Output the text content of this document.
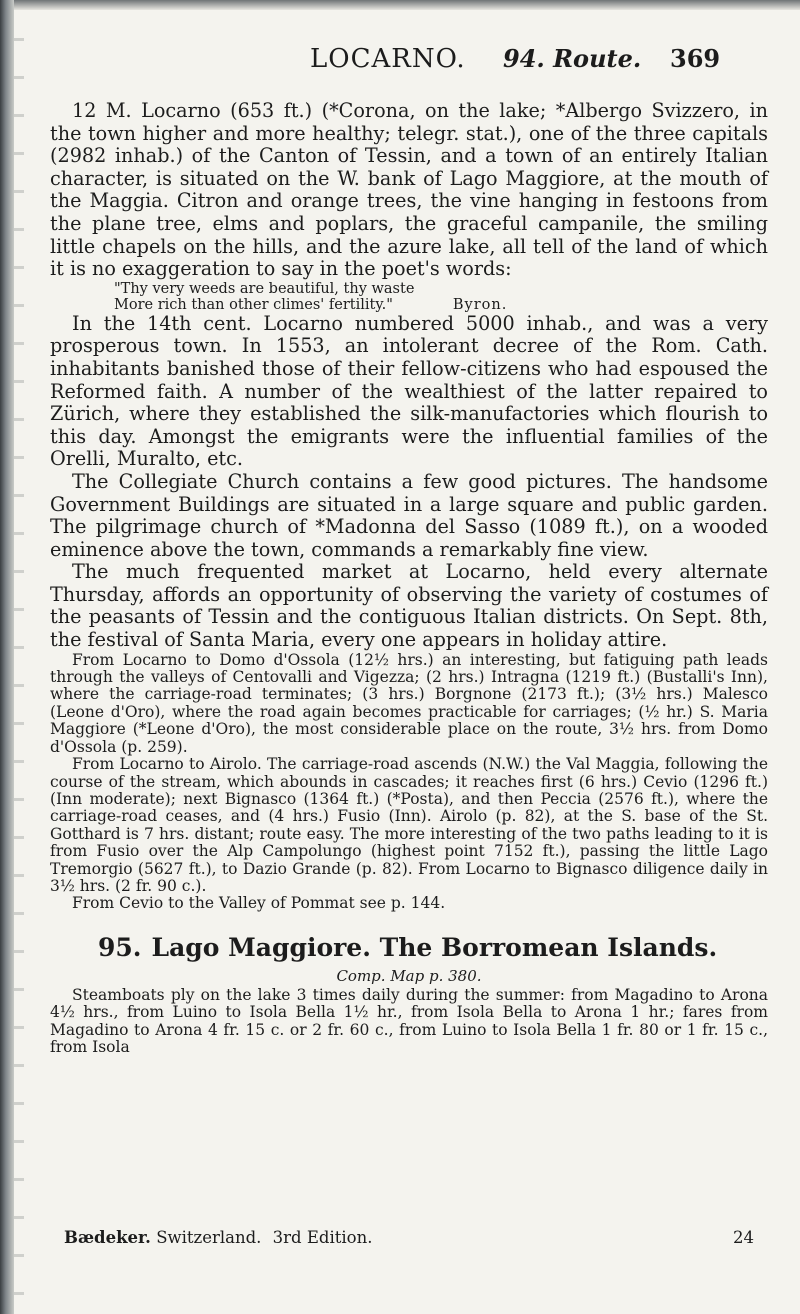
LOCARNO. 94. Route. 369

12 M. Locarno (653 ft.) (*Corona, on the lake; *Albergo Svizzero, in the town higher and more healthy; telegr. stat.), one of the three capitals (2982 inhab.) of the Canton of Tessin, and a town of an entirely Italian character, is situated on the W. bank of Lago Maggiore, at the mouth of the Maggia. Citron and orange trees, the vine hanging in festoons from the plane tree, elms and poplars, the graceful campanile, the smiling little chapels on the hills, and the azure lake, all tell of the land of which it is no exaggeration to say in the poet's words:

"Thy very weeds are beautiful, thy waste

More rich than other climes' fertility."	Byron.

In the 14th cent. Locarno numbered 5000 inhab., and was a very prosperous town. In 1553, an intolerant decree of the Rom. Cath. inhabitants banished those of their fellow-citizens who had espoused the Reformed faith. A number of the wealthiest of the latter repaired to Zürich, where they established the silk-manufactories which flourish to this day. Amongst the emigrants were the influential families of the Orelli, Muralto, etc.

The Collegiate Church contains a few good pictures. The handsome Government Buildings are situated in a large square and public garden. The pilgrimage church of *Madonna del Sasso (1089 ft.), on a wooded eminence above the town, commands a remarkably fine view.

The much frequented market at Locarno, held every alternate Thursday, affords an opportunity of observing the variety of costumes of the peasants of Tessin and the contiguous Italian districts. On Sept. 8th, the festival of Santa Maria, every one appears in holiday attire.

From Locarno to Domo d'Ossola (12½ hrs.) an interesting, but fatiguing path leads through the valleys of Centovalli and Vigezza; (2 hrs.) Intragna (1219 ft.) (Bustalli's Inn), where the carriage-road terminates; (3 hrs.) Borgnone (2173 ft.); (3½ hrs.) Malesco (Leone d'Oro), where the road again becomes practicable for carriages; (½ hr.) S. Maria Maggiore (*Leone d'Oro), the most considerable place on the route, 3½ hrs. from Domo d'Ossola (p. 259).

From Locarno to Airolo. The carriage-road ascends (N.W.) the Val Maggia, following the course of the stream, which abounds in cascades; it reaches first (6 hrs.) Cevio (1296 ft.) (Inn moderate); next Bignasco (1364 ft.) (*Posta), and then Peccia (2576 ft.), where the carriage-road ceases, and (4 hrs.) Fusio (Inn). Airolo (p. 82), at the S. base of the St. Gotthard is 7 hrs. distant; route easy. The more interesting of the two paths leading to it is from Fusio over the Alp Campolungo (highest point 7152 ft.), passing the little Lago Tremorgio (5627 ft.), to Dazio Grande (p. 82). From Locarno to Bignasco diligence daily in 3½ hrs. (2 fr. 90 c.).

From Cevio to the Valley of Pommat see p. 144.

95. Lago Maggiore. The Borromean Islands.

Comp. Map p. 380.

Steamboats ply on the lake 3 times daily during the summer: from Magadino to Arona 4½ hrs., from Luino to Isola Bella 1½ hr., from Isola Bella to Arona 1 hr.; fares from Magadino to Arona 4 fr. 15 c. or 2 fr. 60 c., from Luino to Isola Bella 1 fr. 80 or 1 fr. 15 c., from Isola

Bædeker. Switzerland. 3rd Edition.	24
